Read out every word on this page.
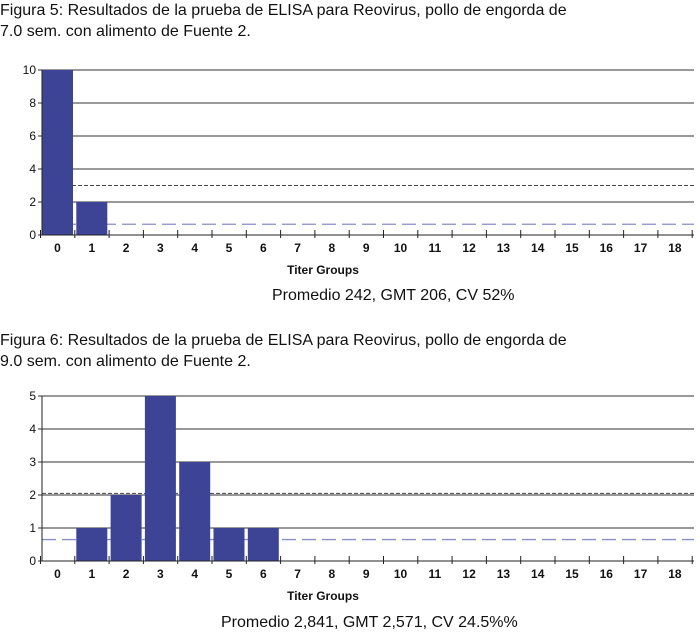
Figura 5: Resultados de la prueba de ELISA para Reovirus, pollo de engorda de
7.0 sem. con alimento de Fuente 2.
0
2
4
6
8
10
0 1 2 3 4 5 6 7 8 9 10 11 12 13 14 15 16 17 18
Titer Groups
Promedio 242, GMT 206, CV 52%
Figura 6: Resultados de la prueba de ELISA para Reovirus, pollo de engorda de
9.0 sem. con alimento de Fuente 2.
0
1
2
3
4
5
0 1 2 3 4 5 6 7 8 9 10 11 12 13 14 15 16 17 18
Titer Groups
Promedio 2,841, GMT 2,571, CV 24.5%%
